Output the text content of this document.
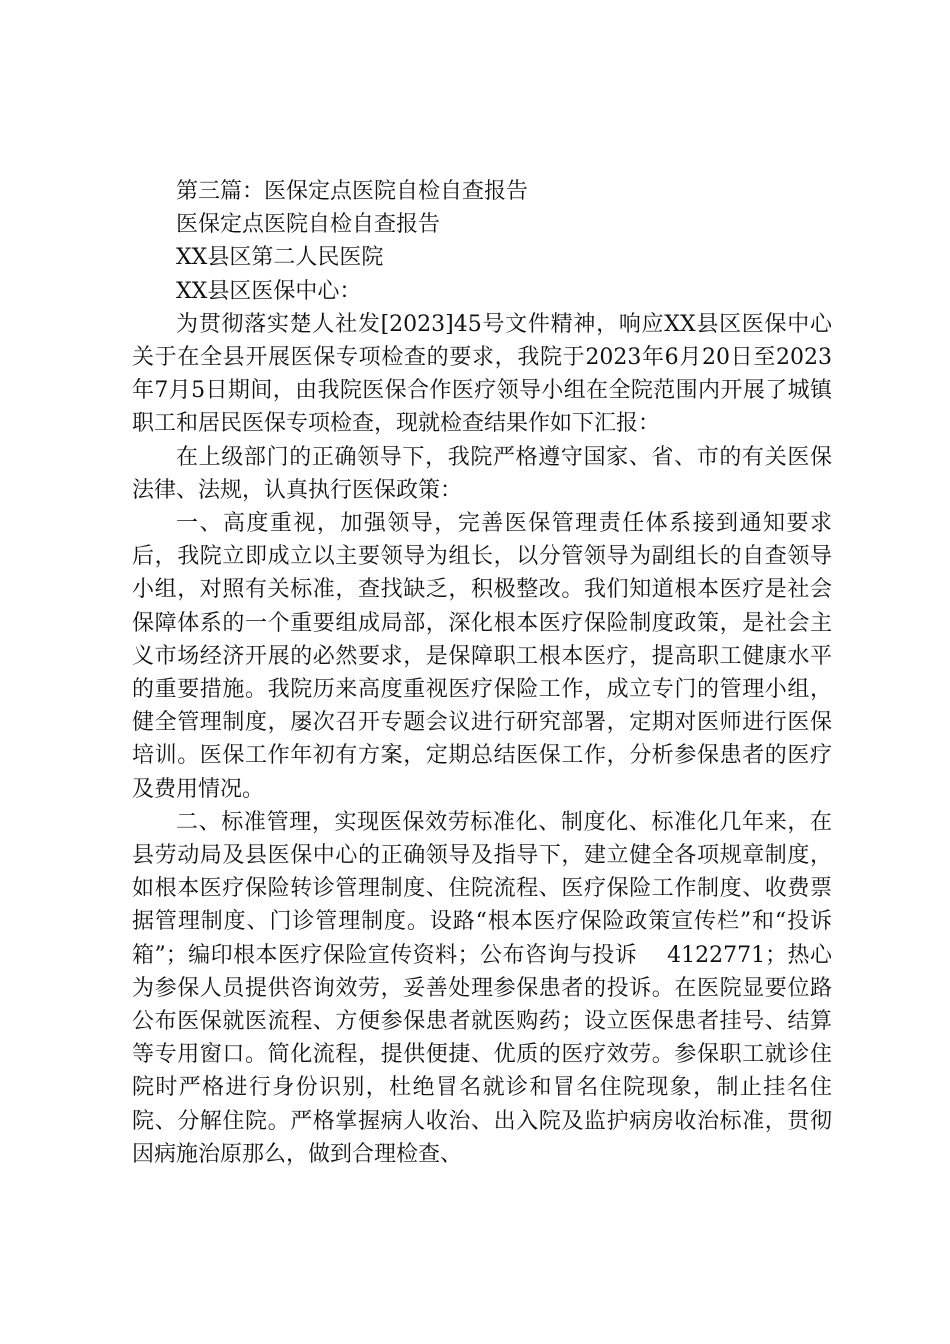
第三篇：医保定点医院自检自查报告

医保定点医院自检自查报告

XX县区第二人民医院

XX县区医保中心：

为贯彻落实楚人社发[2023]45号文件精神，响应XX县区医保中心关于在全县开展医保专项检查的要求，我院于2023年6月20日至2023年7月5日期间，由我院医保合作医疗领导小组在全院范围内开展了城镇职工和居民医保专项检查，现就检查结果作如下汇报：

在上级部门的正确领导下，我院严格遵守国家、省、市的有关医保法律、法规，认真执行医保政策：

一、高度重视，加强领导，完善医保管理责任体系接到通知要求后，我院立即成立以主要领导为组长，以分管领导为副组长的自查领导小组，对照有关标准，查找缺乏，积极整改。我们知道根本医疗是社会保障体系的一个重要组成局部，深化根本医疗保险制度政策，是社会主义市场经济开展的必然要求，是保障职工根本医疗，提高职工健康水平的重要措施。我院历来高度重视医疗保险工作，成立专门的管理小组，健全管理制度，屡次召开专题会议进行研究部署，定期对医师进行医保培训。医保工作年初有方案，定期总结医保工作，分析参保患者的医疗及费用情况。

二、标准管理，实现医保效劳标准化、制度化、标准化几年来，在县劳动局及县医保中心的正确领导及指导下，建立健全各项规章制度，如根本医疗保险转诊管理制度、住院流程、医疗保险工作制度、收费票据管理制度、门诊管理制度。设路“根本医疗保险政策宣传栏”和“投诉箱”；编印根本医疗保险宣传资料；公布咨询与投诉　 4122771；热心为参保人员提供咨询效劳，妥善处理参保患者的投诉。在医院显要位路公布医保就医流程、方便参保患者就医购药；设立医保患者挂号、结算等专用窗口。简化流程，提供便捷、优质的医疗效劳。参保职工就诊住院时严格进行身份识别，杜绝冒名就诊和冒名住院现象，制止挂名住院、分解住院。严格掌握病人收治、出入院及监护病房收治标准，贯彻因病施治原那么，做到合理检查、
